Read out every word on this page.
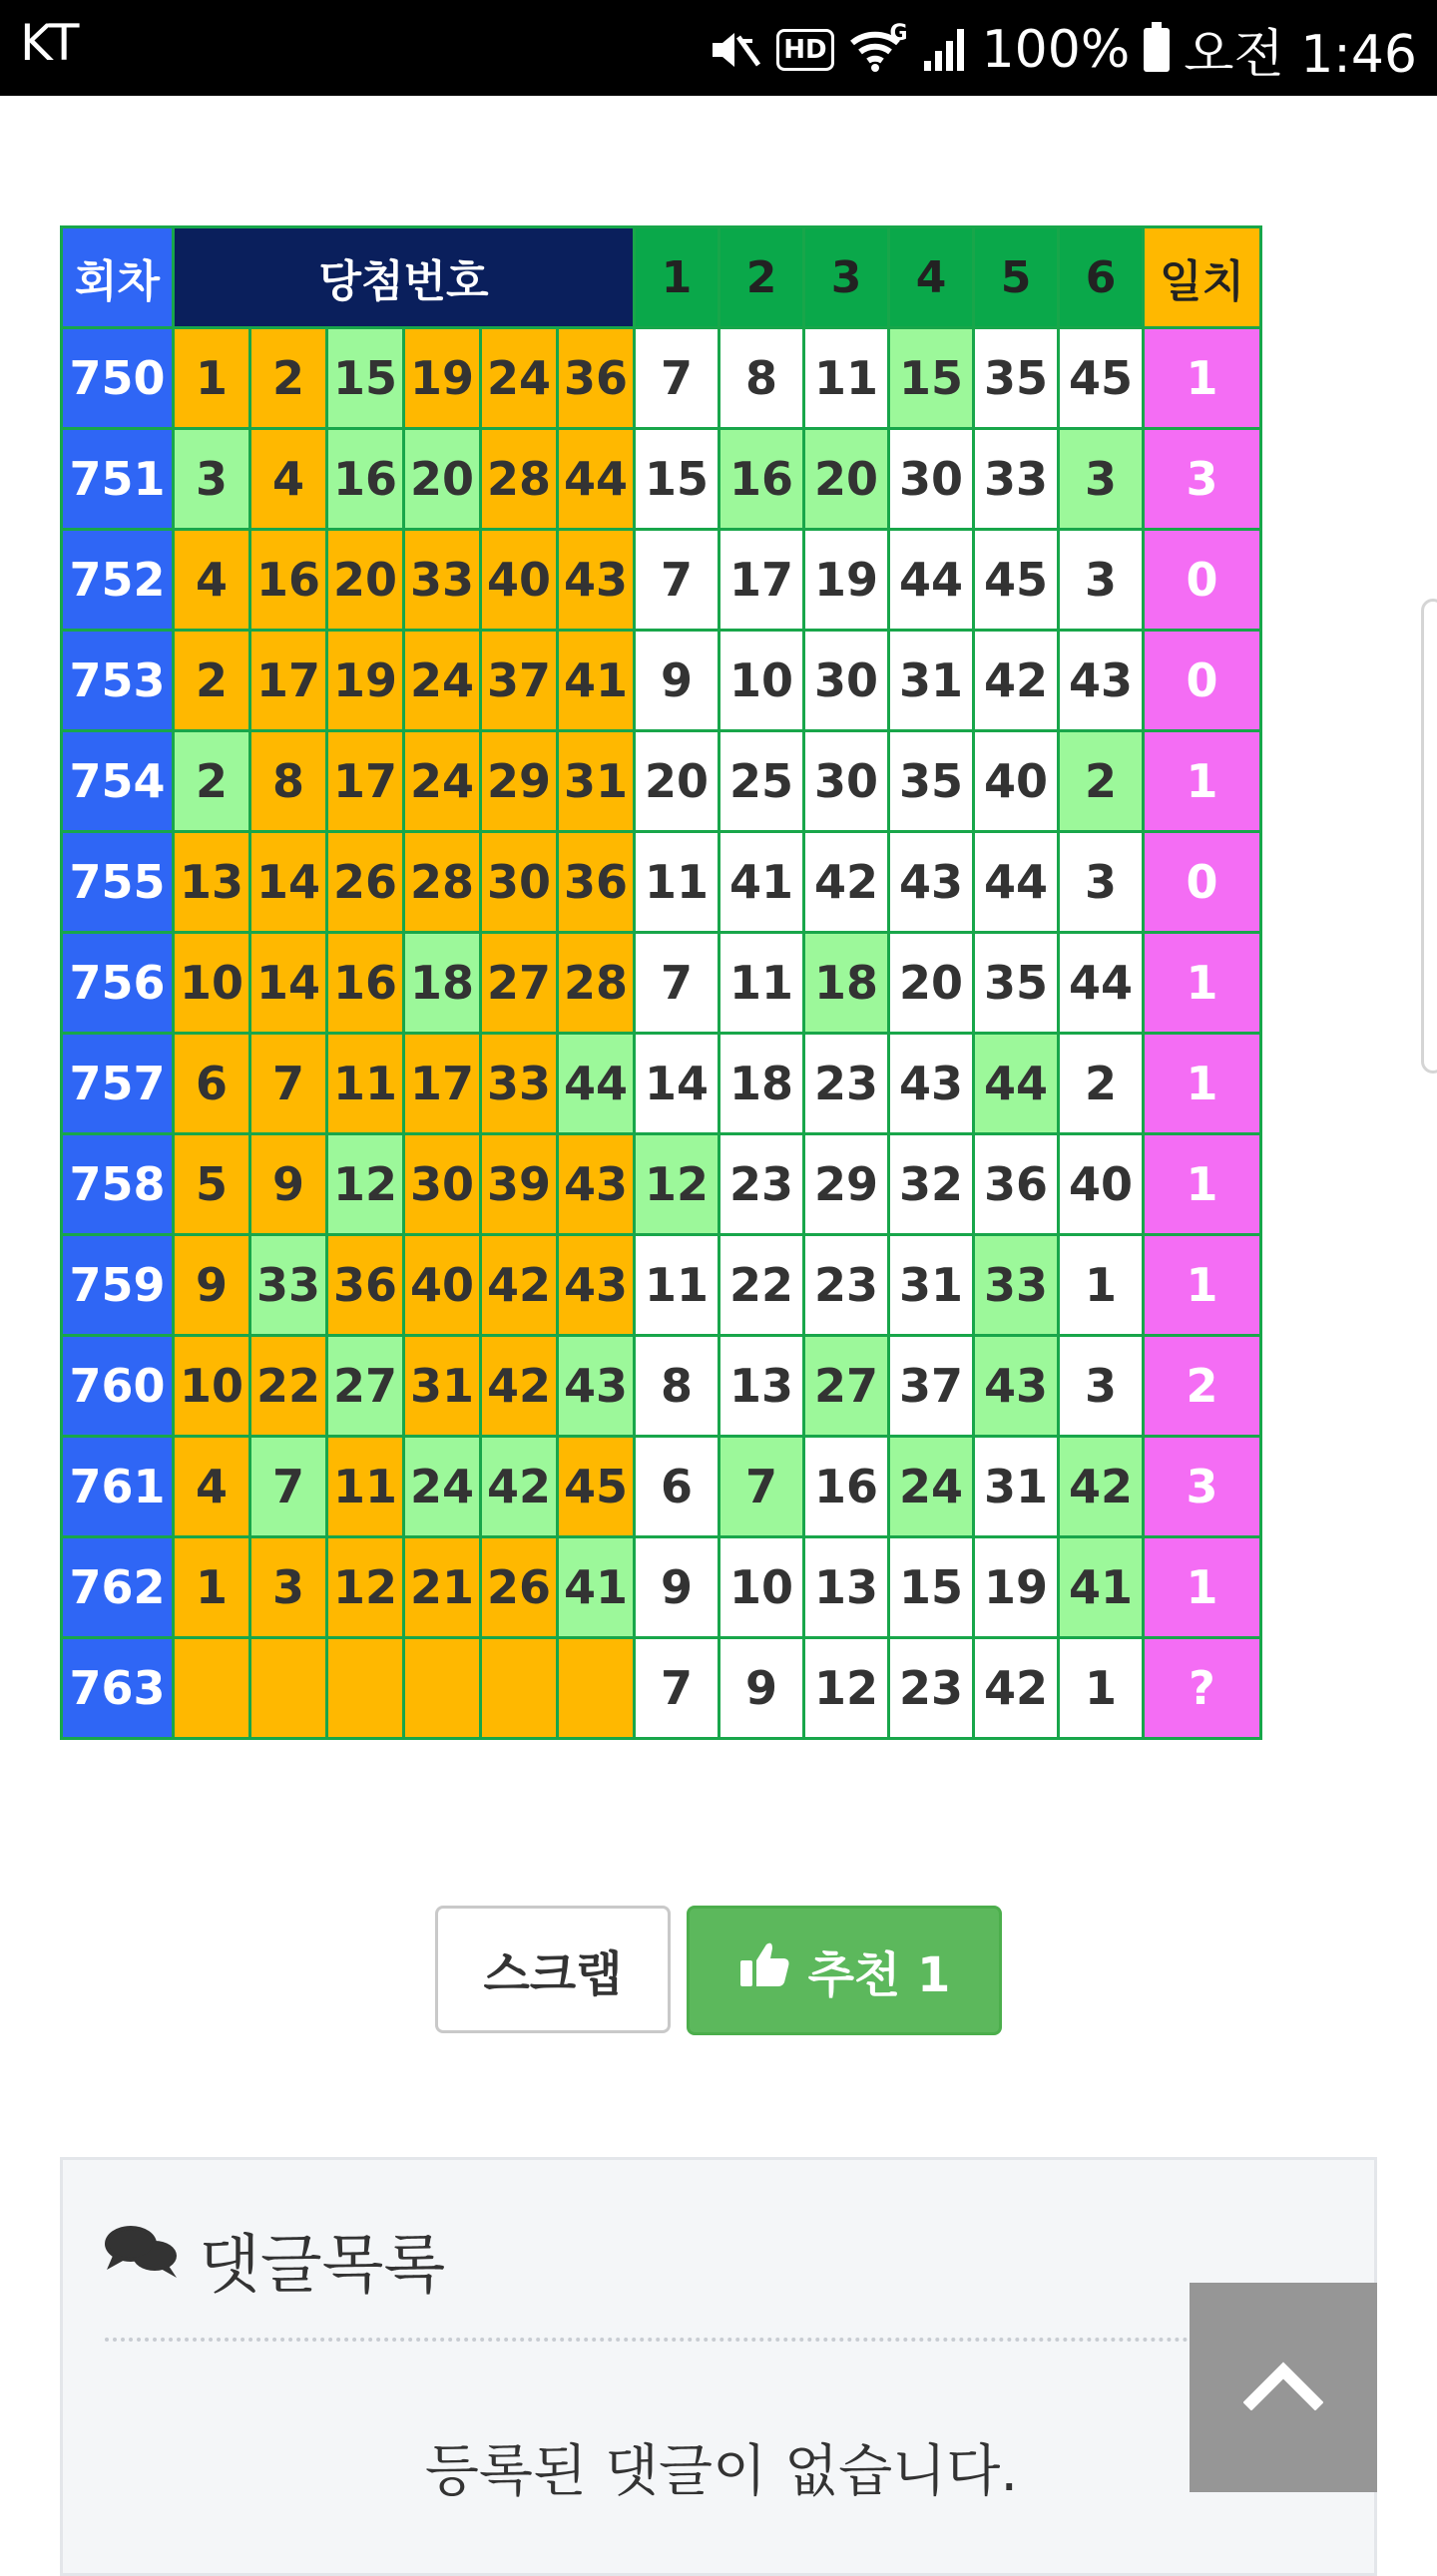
KT	HD
G 100% 오전 1:46
회차	당첨번호						1	2	3	4	5	6	일치
750	1	2	15	19	24	36	7	8	11	15	35	45	1
751	3	4	16	20	28	44	15	16	20	30	33	3	3
752	4	16	20	33	40	43	7	17	19	44	45	3	0
753	2	17	19	24	37	41	9	10	30	31	42	43	0
754	2	8	17	24	29	31	20	25	30	35	40	2	1
755	13	14	26	28	30	36	11	41	42	43	44	3	0
756	10	14	16	18	27	28	7	11	18	20	35	44	1
757	6	7	11	17	33	44	14	18	23	43	44	2	1
758	5	9	12	30	39	43	12	23	29	32	36	40	1
759	9	33	36	40	42	43	11	22	23	31	33	1	1
760	10	22	27	31	42	43	8	13	27	37	43	3	2
761	4	7	11	24	42	45	6	7	16	24	31	42	3
762	1	3	12	21	26	41	9	10	13	15	19	41	1
763							7	9	12	23	42	1	?
스크랩	추천 1
댓글목록
등록된 댓글이 없습니다.
